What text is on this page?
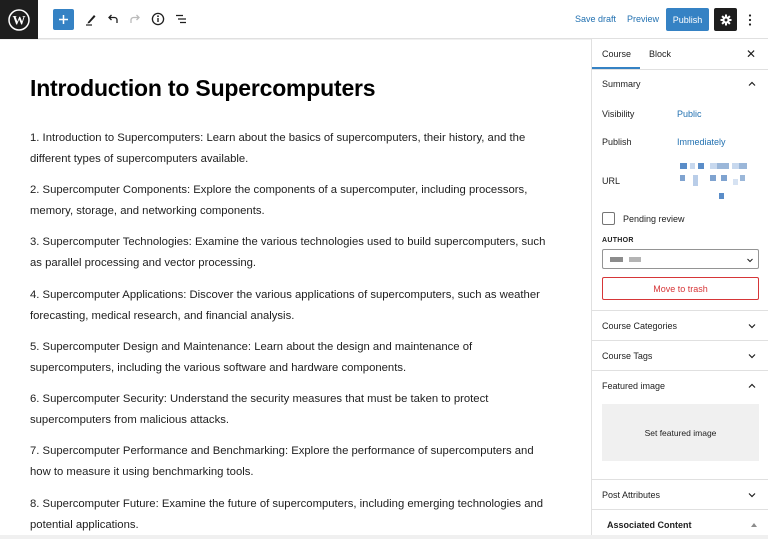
W	Save draft Preview	Publish
Introduction to Supercomputers

1. Introduction to Supercomputers: Learn about the basics of supercomputers, their history, and the
different types of supercomputers available.

2. Supercomputer Components: Explore the components of a supercomputer, including processors,
memory, storage, and networking components.

3. Supercomputer Technologies: Examine the various technologies used to build supercomputers, such
as parallel processing and vector processing.

4. Supercomputer Applications: Discover the various applications of supercomputers, such as weather
forecasting, medical research, and financial analysis.

5. Supercomputer Design and Maintenance: Learn about the design and maintenance of
supercomputers, including the various software and hardware components.

6. Supercomputer Security: Understand the security measures that must be taken to protect
supercomputers from malicious attacks.

7. Supercomputer Performance and Benchmarking: Explore the performance of supercomputers and
how to measure it using benchmarking tools.

8. Supercomputer Future: Examine the future of supercomputers, including emerging technologies and
potential applications.

Course Block	✕
Summary
Visibility	Public
Publish	Immediately
URL
Pending review
AUTHOR
Move to trash
Course Categories
Course Tags
Featured image
Set featured image
Post Attributes
Associated Content
